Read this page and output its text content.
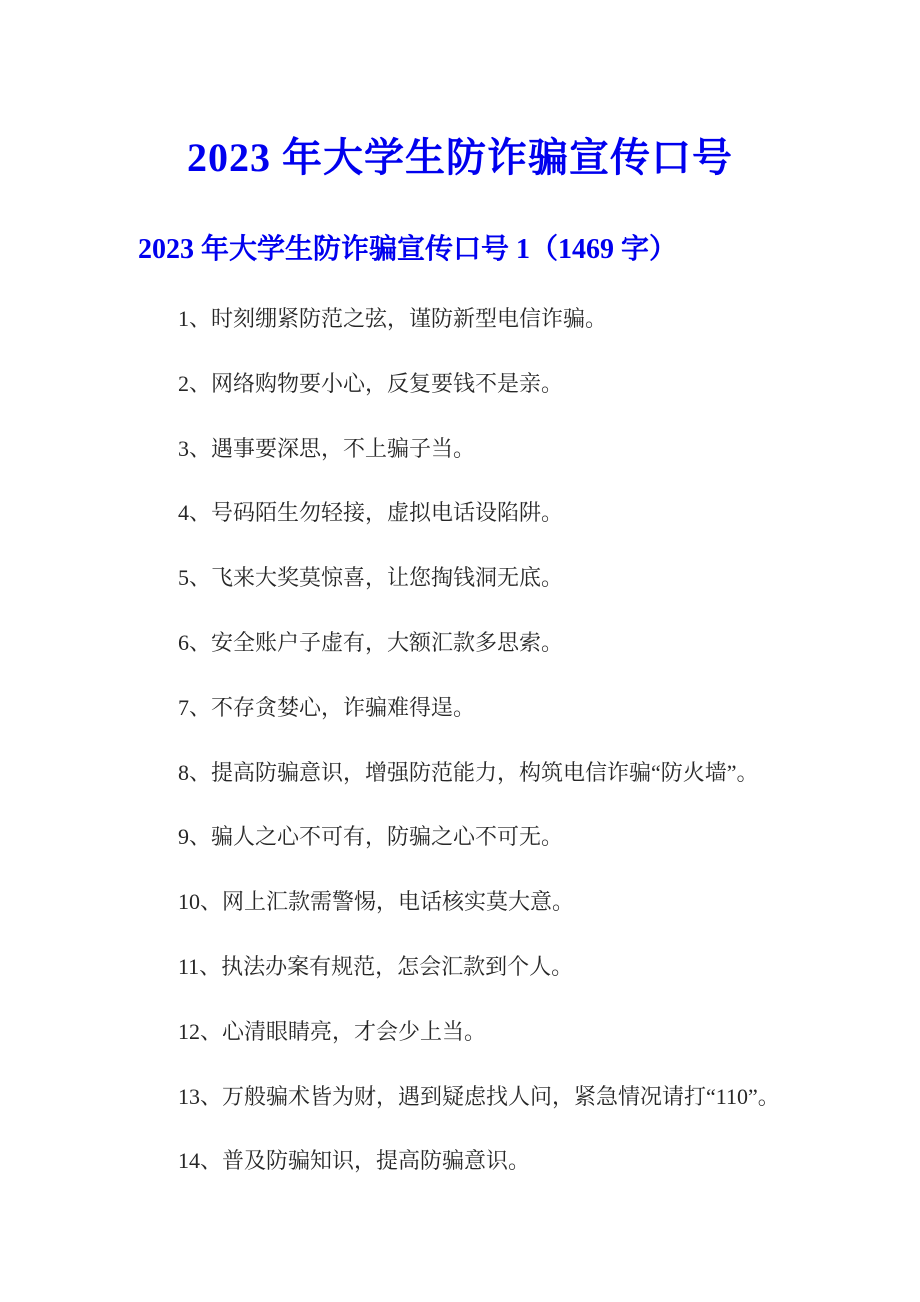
2023 年大学生防诈骗宣传口号
2023 年大学生防诈骗宣传口号 1（1469 字）

1、时刻绷紧防范之弦，谨防新型电信诈骗。

2、网络购物要小心，反复要钱不是亲。

3、遇事要深思，不上骗子当。

4、号码陌生勿轻接，虚拟电话设陷阱。

5、飞来大奖莫惊喜，让您掏钱洞无底。

6、安全账户子虚有，大额汇款多思索。

7、不存贪婪心，诈骗难得逞。

8、提高防骗意识，增强防范能力，构筑电信诈骗“防火墙”。

9、骗人之心不可有，防骗之心不可无。

10、网上汇款需警惕，电话核实莫大意。

11、执法办案有规范，怎会汇款到个人。

12、心清眼睛亮，才会少上当。

13、万般骗术皆为财，遇到疑虑找人问，紧急情况请打“110”。

14、普及防骗知识，提高防骗意识。
